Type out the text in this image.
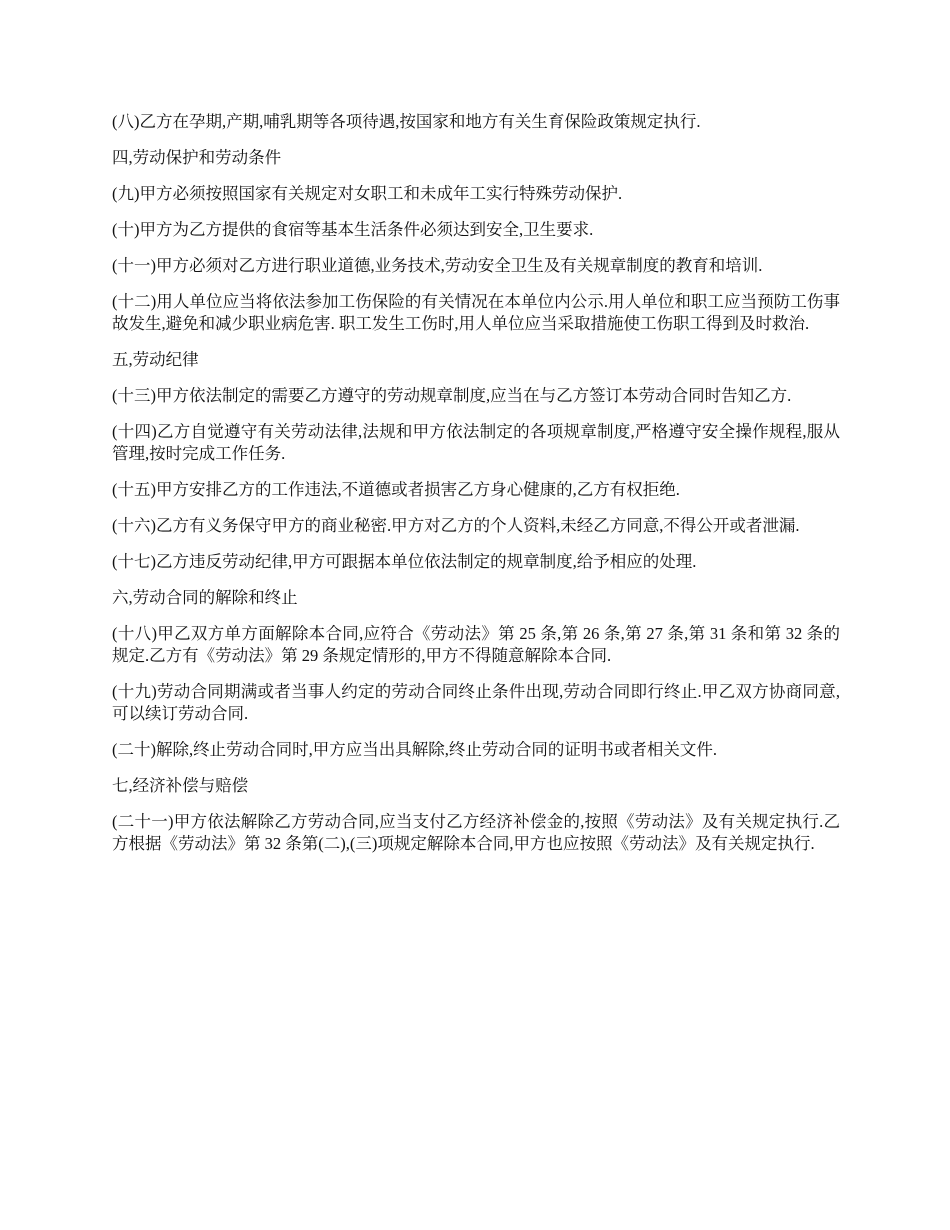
(八)乙方在孕期,产期,哺乳期等各项待遇,按国家和地方有关生育保险政策规定执行.

四,劳动保护和劳动条件

(九)甲方必须按照国家有关规定对女职工和未成年工实行特殊劳动保护.

(十)甲方为乙方提供的食宿等基本生活条件必须达到安全,卫生要求.

(十一)甲方必须对乙方进行职业道德,业务技术,劳动安全卫生及有关规章制度的教育和培训.

(十二)用人单位应当将依法参加工伤保险的有关情况在本单位内公示.用人单位和职工应当预防工伤事故发生,避免和减少职业病危害. 职工发生工伤时,用人单位应当采取措施使工伤职工得到及时救治.

五,劳动纪律

(十三)甲方依法制定的需要乙方遵守的劳动规章制度,应当在与乙方签订本劳动合同时告知乙方.

(十四)乙方自觉遵守有关劳动法律,法规和甲方依法制定的各项规章制度,严格遵守安全操作规程,服从管理,按时完成工作任务.

(十五)甲方安排乙方的工作违法,不道德或者损害乙方身心健康的,乙方有权拒绝.

(十六)乙方有义务保守甲方的商业秘密.甲方对乙方的个人资料,未经乙方同意,不得公开或者泄漏.

(十七)乙方违反劳动纪律,甲方可跟据本单位依法制定的规章制度,给予相应的处理.

六,劳动合同的解除和终止

(十八)甲乙双方单方面解除本合同,应符合《劳动法》第 25 条,第 26 条,第 27 条,第 31 条和第 32 条的规定.乙方有《劳动法》第 29 条规定情形的,甲方不得随意解除本合同.

(十九)劳动合同期满或者当事人约定的劳动合同终止条件出现,劳动合同即行终止.甲乙双方协商同意,可以续订劳动合同.

(二十)解除,终止劳动合同时,甲方应当出具解除,终止劳动合同的证明书或者相关文件.

七,经济补偿与赔偿

(二十一)甲方依法解除乙方劳动合同,应当支付乙方经济补偿金的,按照《劳动法》及有关规定执行.乙方根据《劳动法》第 32 条第(二),(三)项规定解除本合同,甲方也应按照《劳动法》及有关规定执行.
